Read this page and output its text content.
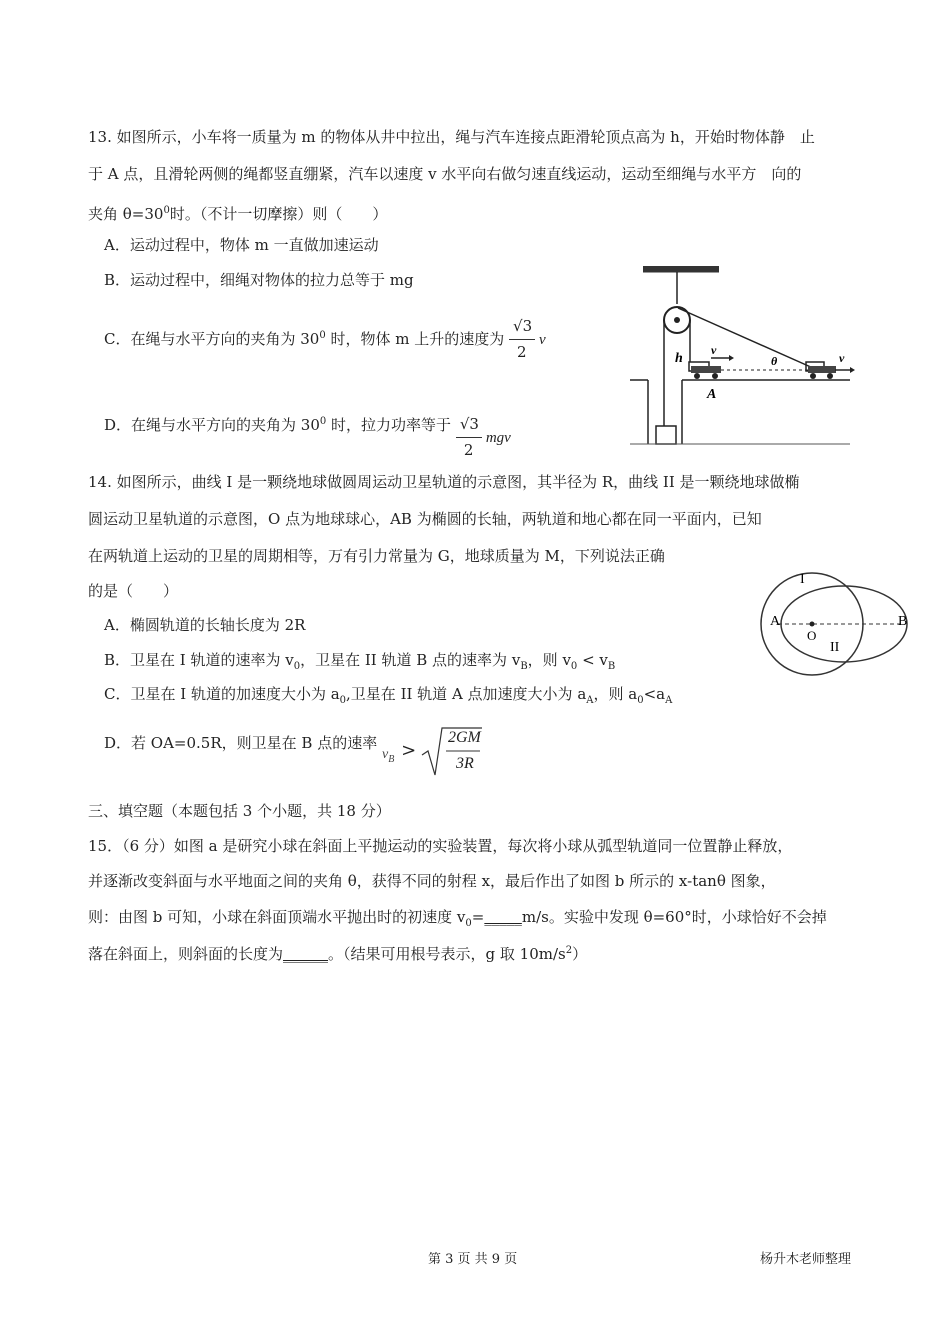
13. 如图所示，小车将一质量为 m 的物体从井中拉出，绳与汽车连接点距滑轮顶点高为 h，开始时物体静　止
于 A 点，且滑轮两侧的绳都竖直绷紧，汽车以速度 v 水平向右做匀速直线运动，运动至细绳与水平方　向的
夹角 $\theta=30^0$时。（不计一切摩擦）则（　　）
A．运动过程中，物体 m 一直做加速运动
B．运动过程中，细绳对物体的拉力总等于 mg
C．在绳与水平方向的夹角为 $30^0$ 时，物体 m 上升的速度为 $\frac{√3}{2}$ v
D．在绳与水平方向的夹角为 $30^0$ 时，拉力功率等于 $\frac{√3}{2}$ mgv
h
v
θ	v
A
14. 如图所示，曲线 I 是一颗绕地球做圆周运动卫星轨道的示意图，其半径为 R，曲线 II 是一颗绕地球做椭
圆运动卫星轨道的示意图，O 点为地球球心，AB 为椭圆的长轴，两轨道和地心都在同一平面内，已知
在两轨道上运动的卫星的周期相等，万有引力常量为 G，地球质量为 M，下列说法正确
的是（　　）
A．椭圆轨道的长轴长度为 2R
B．卫星在 I 轨道的速率为 $v_0$，卫星在 II 轨道 B 点的速率为 $v_B$，则 $v_0 < v_B$
C．卫星在 I 轨道的加速度大小为 $a_0$,卫星在 II 轨道 A 点加速度大小为 $a_A$，则 $a_0<a_A$
D．若 OA=0.5R，则卫星在 B 点的速率 $v_B$ >
2GM
3R
I
A	B
O
II
三、填空题（本题包括 3 个小题，共 18 分）
15．（6 分）如图 a 是研究小球在斜面上平抛运动的实验装置，每次将小球从弧型轨道同一位置静止释放，
并逐渐改变斜面与水平地面之间的夹角 θ，获得不同的射程 x，最后作出了如图 b 所示的 x-tanθ 图象，
则：由图 b 可知，小球在斜面顶端水平抛出时的初速度 $v_0=\_\_\_\_\_m/s$。实验中发现 θ=60°时，小球恰好不会掉
落在斜面上，则斜面的长度为______。（结果可用根号表示，g 取 $10m/s^2$）
第 3 页 共 9 页	杨升木老师整理
